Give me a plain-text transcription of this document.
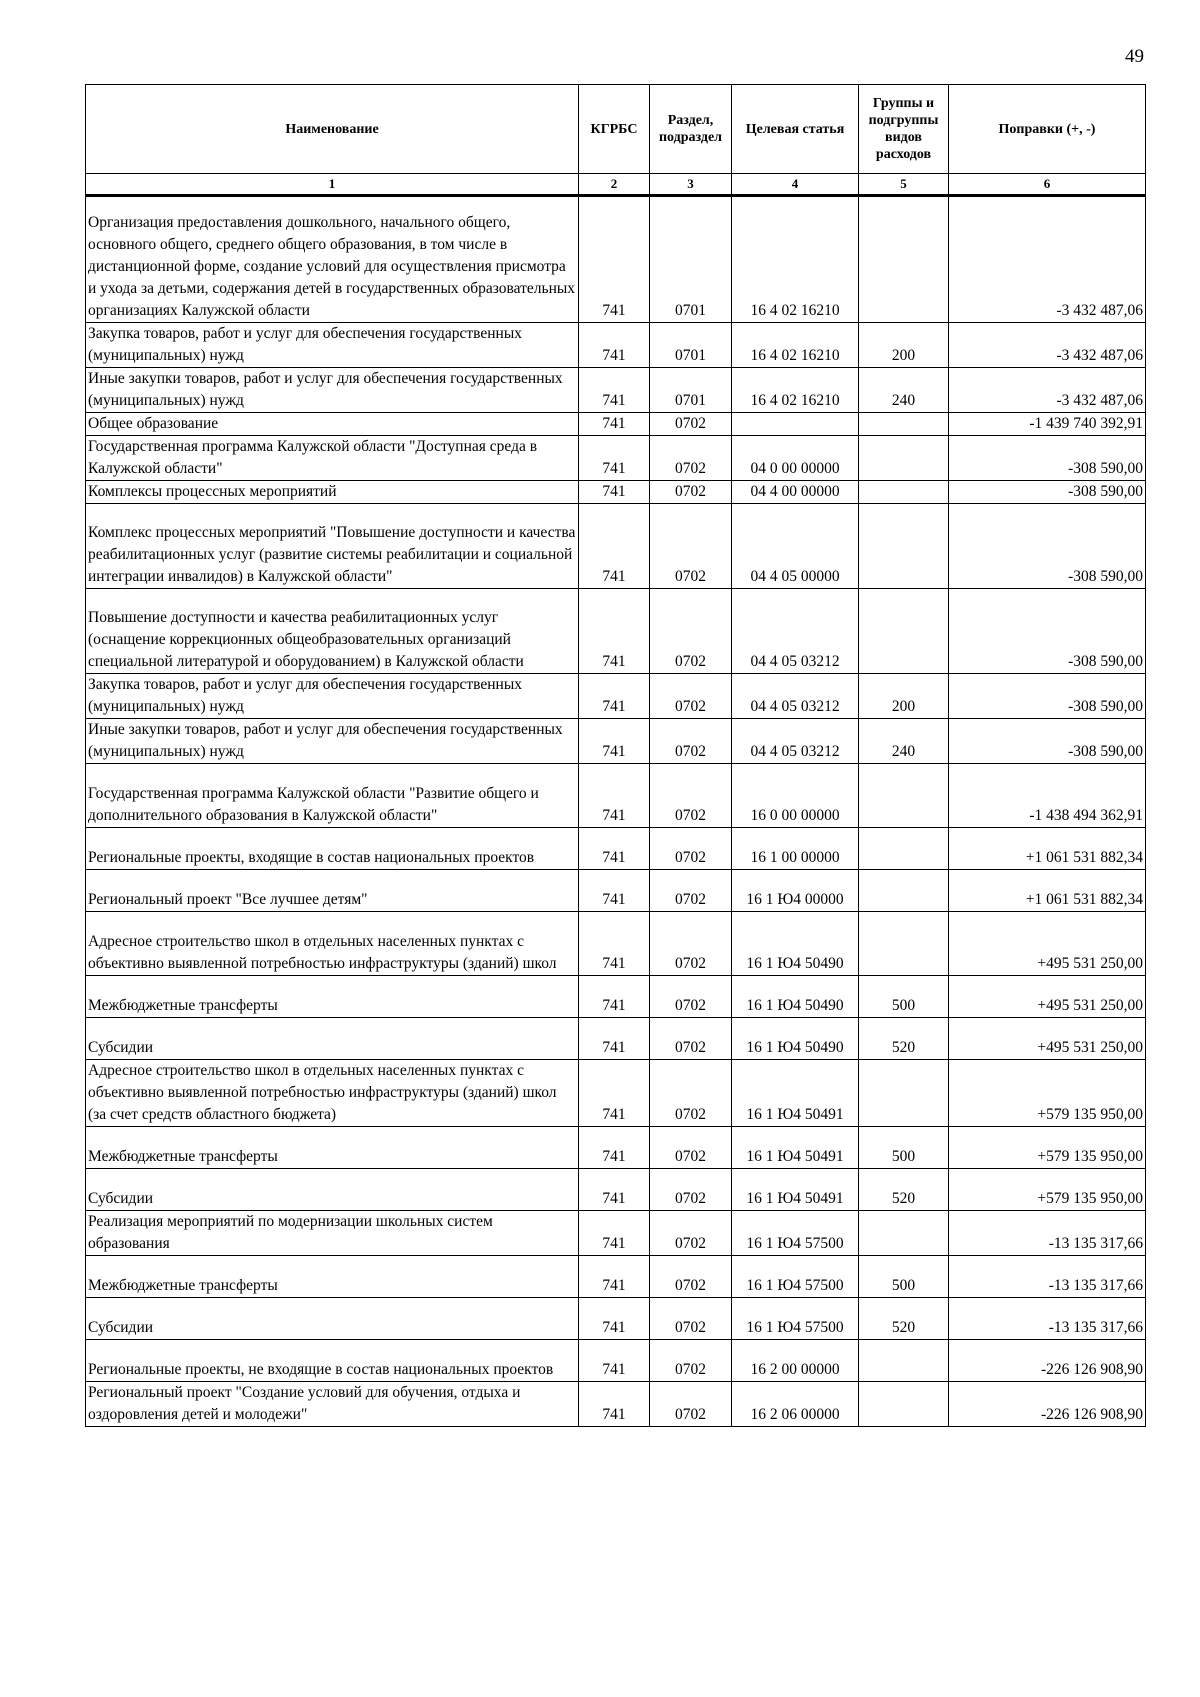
49
Наименование	КГРБС	Раздел, подраздел	Целевая статья	Группы и подгруппы видов расходов	Поправки (+, -)
1	2	3	4	5	6
Организация предоставления дошкольного, начального общего, основного общего, среднего общего образования, в том числе в дистанционной форме, создание условий для осуществления присмотра и ухода за детьми, содержания детей в государственных образовательных организациях Калужской области	741	0701	16 4 02 16210		-3 432 487,06
Закупка товаров, работ и услуг для обеспечения государственных (муниципальных) нужд	741	0701	16 4 02 16210	200	-3 432 487,06
Иные закупки товаров, работ и услуг для обеспечения государственных (муниципальных) нужд	741	0701	16 4 02 16210	240	-3 432 487,06
Общее образование	741	0702			-1 439 740 392,91
Государственная программа Калужской области "Доступная среда в Калужской области"	741	0702	04 0 00 00000		-308 590,00
Комплексы процессных мероприятий	741	0702	04 4 00 00000		-308 590,00
Комплекс процессных мероприятий "Повышение доступности и качества реабилитационных услуг (развитие системы реабилитации и социальной интеграции инвалидов) в Калужской области"	741	0702	04 4 05 00000		-308 590,00
Повышение доступности и качества реабилитационных услуг (оснащение коррекционных общеобразовательных организаций специальной литературой и оборудованием) в Калужской области	741	0702	04 4 05 03212		-308 590,00
Закупка товаров, работ и услуг для обеспечения государственных (муниципальных) нужд	741	0702	04 4 05 03212	200	-308 590,00
Иные закупки товаров, работ и услуг для обеспечения государственных (муниципальных) нужд	741	0702	04 4 05 03212	240	-308 590,00
Государственная программа Калужской области "Развитие общего и дополнительного образования в Калужской области"	741	0702	16 0 00 00000		-1 438 494 362,91
Региональные проекты, входящие в состав национальных проектов	741	0702	16 1 00 00000		+1 061 531 882,34
Региональный проект "Все лучшее детям"	741	0702	16 1 Ю4 00000		+1 061 531 882,34
Адресное строительство школ в отдельных населенных пунктах с объективно выявленной потребностью инфраструктуры (зданий) школ	741	0702	16 1 Ю4 50490		+495 531 250,00
Межбюджетные трансферты	741	0702	16 1 Ю4 50490	500	+495 531 250,00
Субсидии	741	0702	16 1 Ю4 50490	520	+495 531 250,00
Адресное строительство школ в отдельных населенных пунктах с объективно выявленной потребностью инфраструктуры (зданий) школ (за счет средств областного бюджета)	741	0702	16 1 Ю4 50491		+579 135 950,00
Межбюджетные трансферты	741	0702	16 1 Ю4 50491	500	+579 135 950,00
Субсидии	741	0702	16 1 Ю4 50491	520	+579 135 950,00
Реализация мероприятий по модернизации школьных систем образования	741	0702	16 1 Ю4 57500		-13 135 317,66
Межбюджетные трансферты	741	0702	16 1 Ю4 57500	500	-13 135 317,66
Субсидии	741	0702	16 1 Ю4 57500	520	-13 135 317,66
Региональные проекты, не входящие в состав национальных проектов	741	0702	16 2 00 00000		-226 126 908,90
Региональный проект "Создание условий для обучения, отдыха и оздоровления детей и молодежи"	741	0702	16 2 06 00000		-226 126 908,90
